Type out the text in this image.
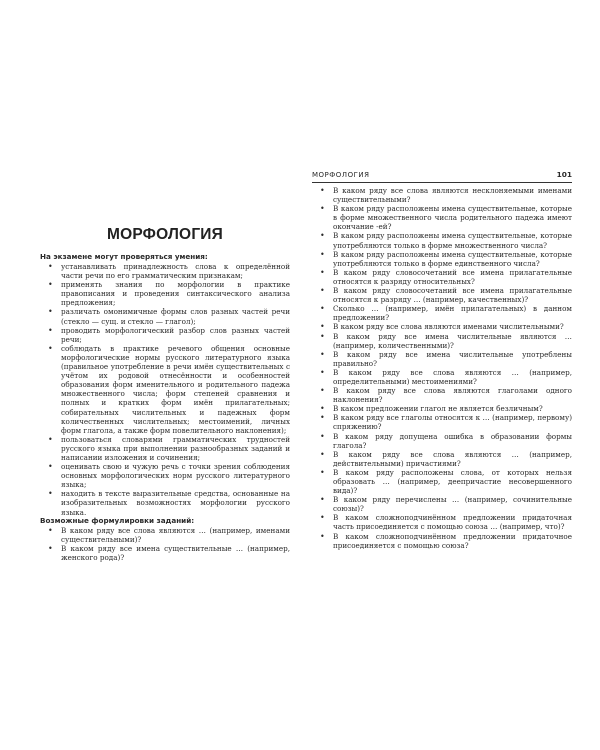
МОРФОЛОГИЯ

На экзамене могут проверяться умения:

• устанавливать принадлежность слова к определённой части речи по его грамматическим признакам;
• применять знания по морфологии в практике правописания и проведения синтаксического анализа предложения;
• различать омонимичные формы слов разных частей речи (стекло — сущ. и стекло — глагол);
• проводить морфологический разбор слов разных частей речи;
• соблюдать в практике речевого общения основные морфологические нормы русского литературного языка (правильное употребление в речи имён существительных с учётом их родовой отнесённости и особенностей образования форм именительного и родительного падежа множественного числа; форм степеней сравнения и полных и кратких форм имён прилагательных; собирательных числительных и падежных форм количественных числительных; местоимений, личных форм глагола, а также форм повелительного наклонения);
• пользоваться словарями грамматических трудностей русского языка при выполнении разнообразных заданий и написании изложения и сочинения;
• оценивать свою и чужую речь с точки зрения соблюдения основных морфологических норм русского литературного языка;
• находить в тексте выразительные средства, основанные на изобразительных возможностях морфологии русского языка.

Возможные формулировки заданий:

• В каком ряду все слова являются … (например, именами существительными)?
• В каком ряду все имена существительные … (например, женского рода)?
МОРФОЛОГИЯ	101
• В каком ряду все слова являются несклоняемыми именами существительными?
• В каком ряду расположены имена существительные, которые в форме множественного числа родительного падежа имеют окончание -ей?
• В каком ряду расположены имена существительные, которые употребляются только в форме множественного числа?
• В каком ряду расположены имена существительные, которые употребляются только в форме единственного числа?
• В каком ряду словосочетаний все имена прилагательные относятся к разряду относительных?
• В каком ряду словосочетаний все имена прилагательные относятся к разряду … (например, качественных)?
• Сколько … (например, имён прилагательных) в данном предложении?
• В каком ряду все слова являются именами числительными?
• В каком ряду все имена числительные являются … (например, количественными)?
• В каком ряду все имена числительные употреблены правильно?
• В каком ряду все слова являются … (например, определительными) местоимениями?
• В каком ряду все слова являются глаголами одного наклонения?
• В каком предложении глагол не является безличным?
• В каком ряду все глаголы относятся к … (например, первому) спряжению?
• В каком ряду допущена ошибка в образовании формы глагола?
• В каком ряду все слова являются … (например, действительными) причастиями?
• В каком ряду расположены слова, от которых нельзя образовать … (например, деепричастие несовершенного вида)?
• В каком ряду перечислены … (например, сочинительные союзы)?
• В каком сложноподчинённом предложении придаточная часть присоединяется с помощью союза … (например, что)?
• В каком сложноподчинённом предложении придаточное присоединяется с помощью союза?
